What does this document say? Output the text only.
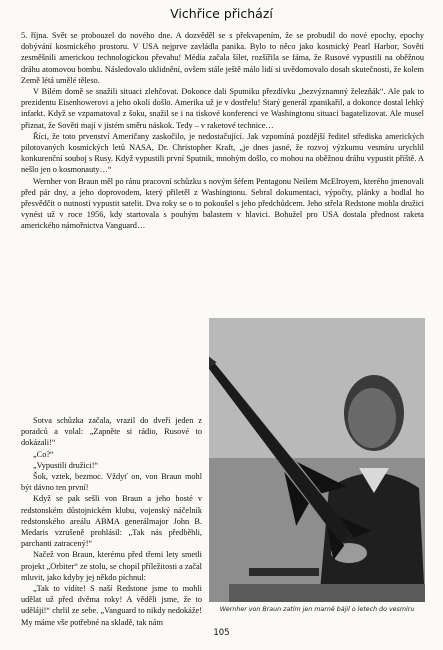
Vichřice přichází

5. října. Svět se probouzel do nového dne. A dozvěděl se s překvapením, že se probudil do nové epochy, epochy dobývání kosmického prostoru. V USA nejprve zavládla panika. Bylo to něco jako kosmický Pearl Harbor, Sověti zesměšnili americkou technologickou převahu! Média začala šílet, rozšířila se fáma, že Rusové vypustili na oběžnou dráhu atomovou bombu. Následovalo uklidnění, ovšem stále ještě málo lidí si uvědomovalo dosah skutečnosti, že kolem Země létá umělé těleso.

V Bílém domě se snažili situaci zlehčovat. Dokonce dali Sputniku přezdívku „bezvýznamný železňák“. Ale pak to prezidentu Eisenhowerovi a jeho okolí došlo. Amerika už je v dostřelu! Starý generál zpanikařil, a dokonce dostal lehký infarkt. Když se vzpamatoval z šoku, snažil se i na tiskové konferenci ve Washingtonu situaci bagatelizovat. Ale musel přiznat, že Sověti mají v jistém směru náskok. Tedy – v raketové technice…

Říci, že toto prvenství Američany zaskočilo, je nedostačující. Jak vzpomíná pozdější ředitel střediska amerických pilotovaných kosmických letů NASA, Dr. Christopher Kraft, „je dnes jasné, že rozvoj výzkumu vesmíru urychlil konkurenční souboj s Rusy. Když vypustili první Sputnik, mnohým došlo, co mohou na oběžnou dráhu vypustit příště. A nešlo jen o kosmonauty…“

Wernher von Braun měl po ránu pracovní schůzku s novým šéfem Pentagonu Neilem McElroyem, kterého jmenovali před pár dny, a jeho doprovodem, který přiletěl z Washingtonu. Sebral dokumentaci, výpočty, plánky a hodlal ho přesvědčit o nutnosti vypustit satelit. Dva roky se o to pokoušel s jeho předchůdcem. Jeho střela Redstone mohla družici vynést už v roce 1956, kdy startovala s pouhým balastem v hlavici. Bohužel pro USA dostala přednost raketa amerického námořnictva Vanguard…

Sotva schůzka začala, vrazil do dveří jeden z poradců a volal: „Zapněte si rádio, Rusové to dokázali!“

„Co?“

„Vypustili družici!“

Šok, vztek, bezmoc. Vždyť on, von Braun mohl být dávno ten první!

Když se pak sešli von Braun a jeho hosté v redstonském důstojnickém klubu, vojenský náčelník redstonského areálu ABMA generálmajor John B. Medaris vzrušeně prohlásil: „Tak nás předběhli, parchanti zatracený!“

Načež von Braun, kterému před třemi lety smetli projekt „Orbiter“ ze stolu, se chopil příležitosti a začal mluvit, jako kdyby jej někdo píchnul:

„Tak to vidíte! S naší Redstone jsme to mohli udělat už před dvěma roky! A věděli jsme, že to uděláji!“ chrlil ze sebe. „Vanguard to nikdy nedokáže! My máme vše potřebné na skladě, tak nám

Wernher von Braun zatím jen marně bájil o letech do vesmíru
105
